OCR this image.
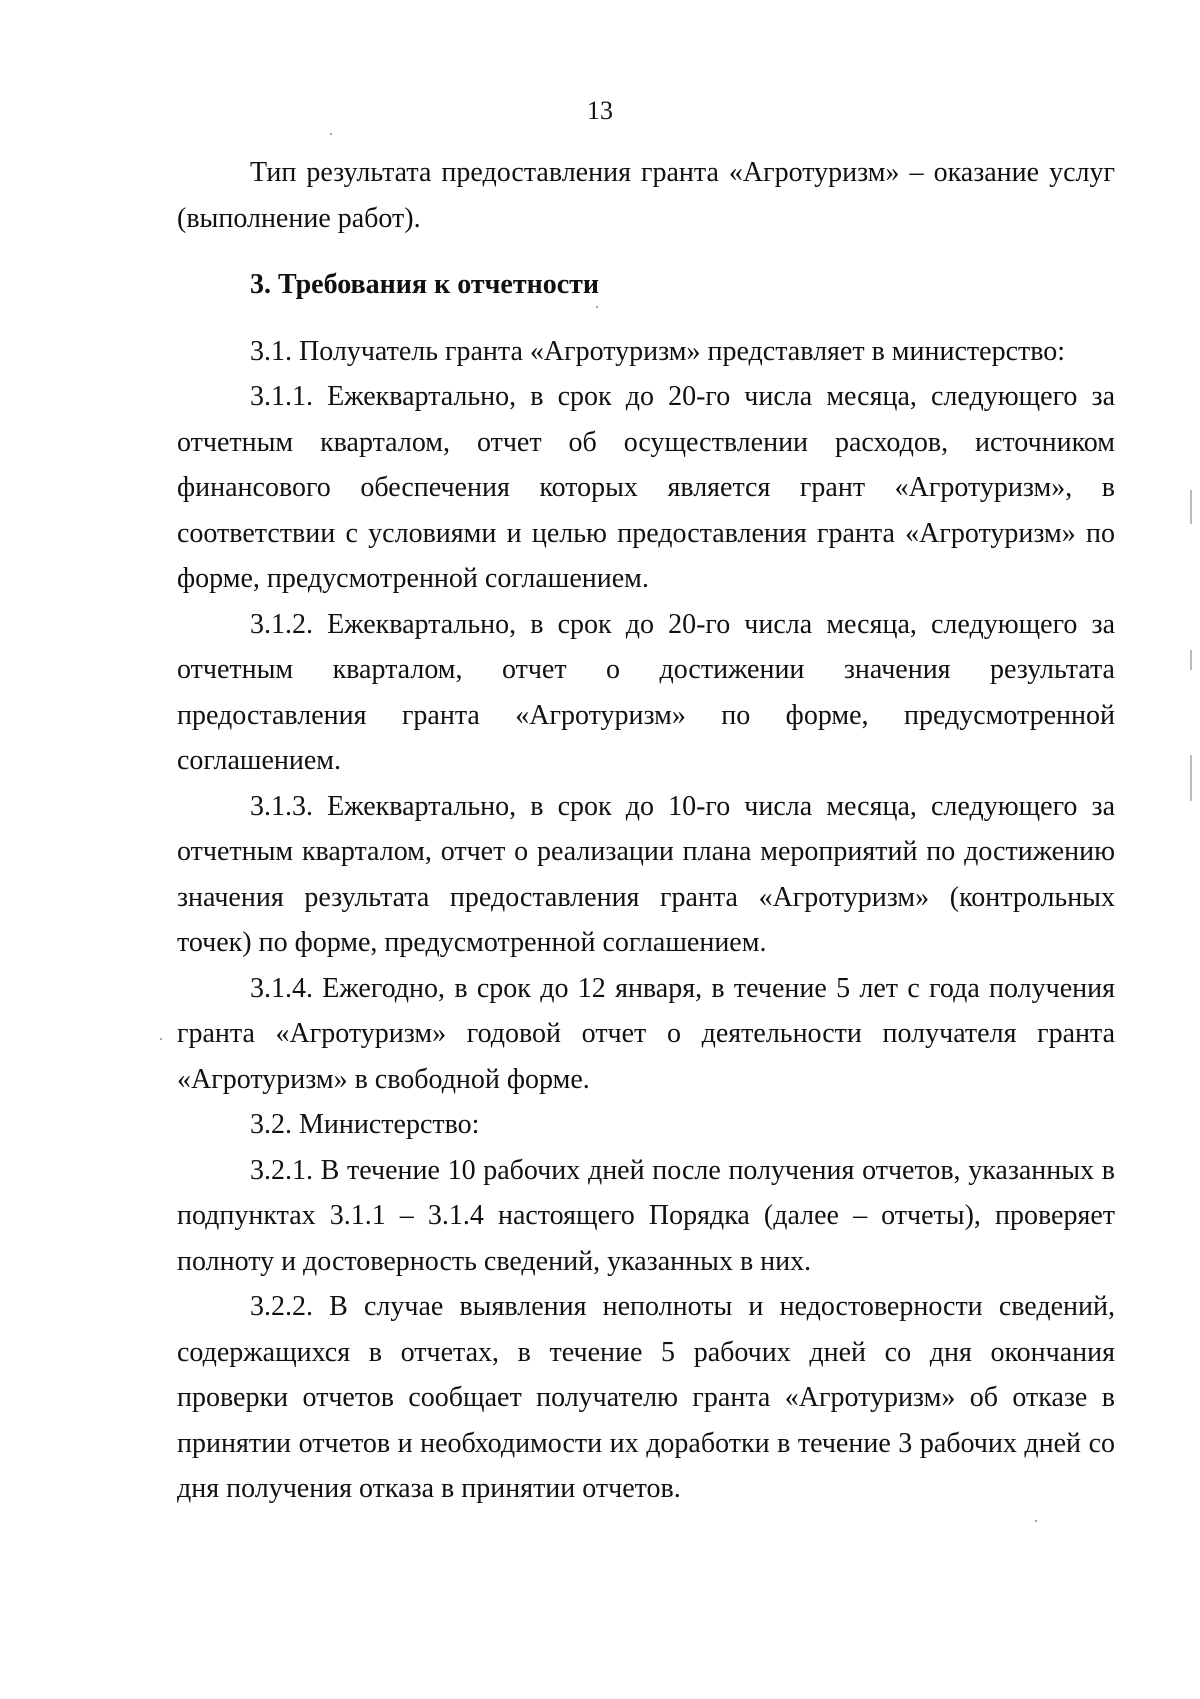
13

Тип результата предоставления гранта «Агротуризм» – оказание услуг (выполнение работ).

3. Требования к отчетности

3.1. Получатель гранта «Агротуризм» представляет в министерство:

3.1.1. Ежеквартально, в срок до 20-го числа месяца, следующего за отчетным кварталом, отчет об осуществлении расходов, источником финансового обеспечения которых является грант «Агротуризм», в соответствии с условиями и целью предоставления гранта «Агротуризм» по форме, предусмотренной соглашением.

3.1.2. Ежеквартально, в срок до 20-го числа месяца, следующего за отчетным кварталом, отчет о достижении значения результата предоставления гранта «Агротуризм» по форме, предусмотренной соглашением.

3.1.3. Ежеквартально, в срок до 10-го числа месяца, следующего за отчетным кварталом, отчет о реализации плана мероприятий по достижению значения результата предоставления гранта «Агротуризм» (контрольных точек) по форме, предусмотренной соглашением.

3.1.4. Ежегодно, в срок до 12 января, в течение 5 лет с года получения гранта «Агротуризм» годовой отчет о деятельности получателя гранта «Агротуризм» в свободной форме.

3.2. Министерство:

3.2.1. В течение 10 рабочих дней после получения отчетов, указанных в подпунктах 3.1.1 – 3.1.4 настоящего Порядка (далее – отчеты), проверяет полноту и достоверность сведений, указанных в них.

3.2.2. В случае выявления неполноты и недостоверности сведений, содержащихся в отчетах, в течение 5 рабочих дней со дня окончания проверки отчетов сообщает получателю гранта «Агротуризм» об отказе в принятии отчетов и необходимости их доработки в течение 3 рабочих дней со дня получения отказа в принятии отчетов.
